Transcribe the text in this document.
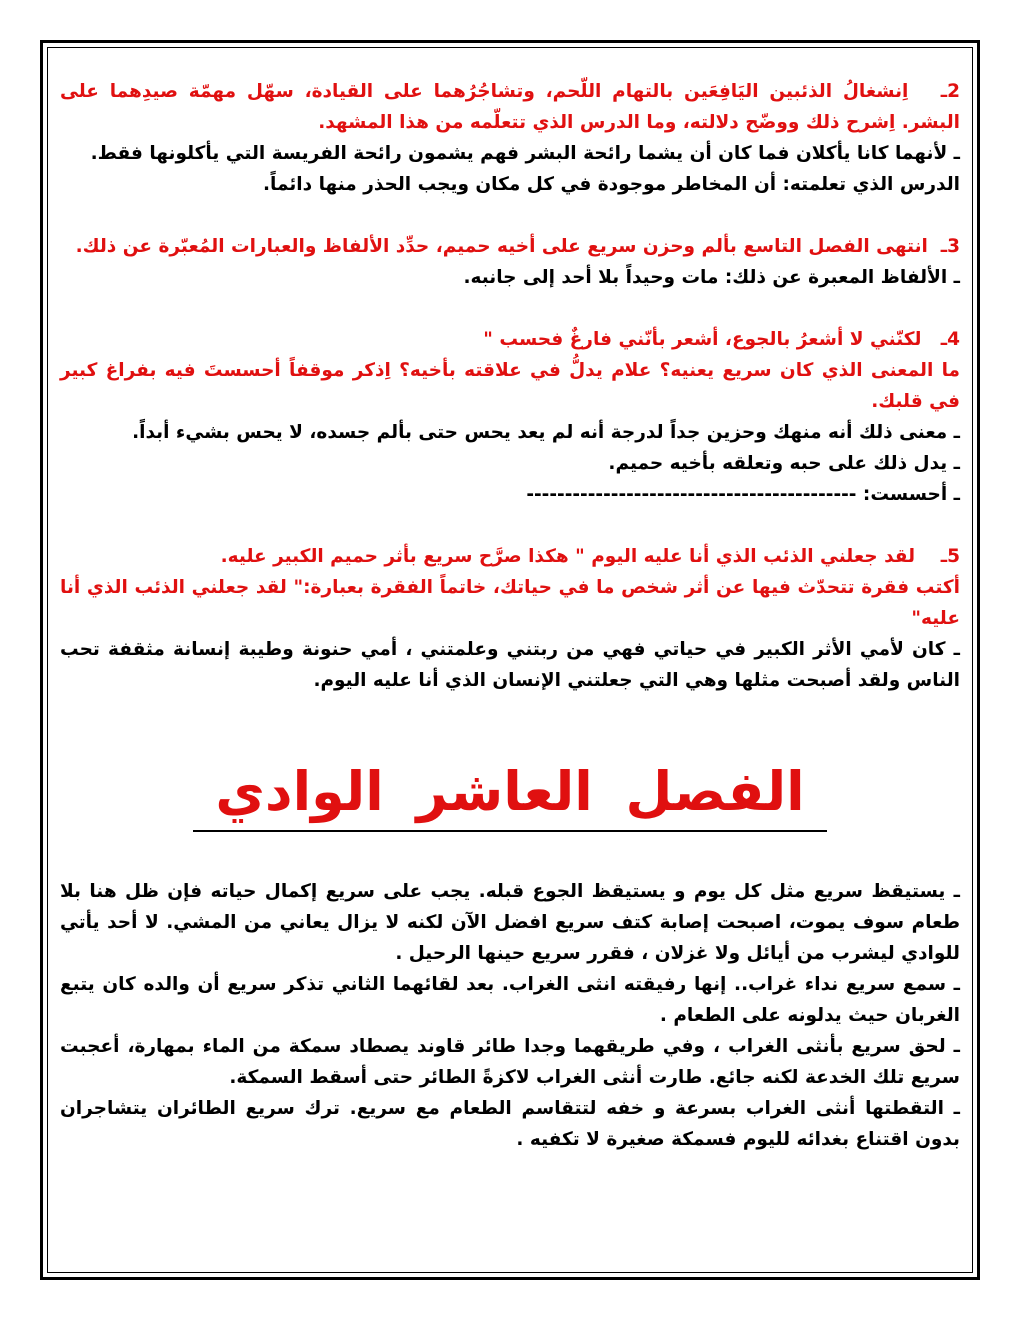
2ـ   اِنشغالُ الذئبين اليَافِعَين بالتهام اللّحم، وتشاجُرُهما على القيادة، سهّل مهمّة صيدِهما على البشر. اِشرح ذلك ووضّح دلالته، وما الدرس الذي تتعلّمه من هذا المشهد.

ـ لأنهما كانا يأكلان فما كان أن يشما رائحة البشر فهم يشمون رائحة الفريسة التي يأكلونها فقط.

الدرس الذي تعلمته: أن المخاطر موجودة في كل مكان ويجب الحذر منها دائماً.

3ـ  انتهى الفصل التاسع بألم وحزن سريع على أخيه حميم، حدِّد الألفاظ والعبارات المُعبّرة عن ذلك.

ـ الألفاظ المعبرة عن ذلك: مات وحيداً بلا أحد إلى جانبه.

4ـ   لكنّني لا أشعرُ بالجوع، أشعر بأنّني فارغٌ فحسب "

ما المعنى الذي كان سريع يعنيه؟ علام يدلُّ في علاقته بأخيه؟ اِذكر موقفاً أحسستَ فيه بفراغ كبير في قلبك.

ـ معنى ذلك أنه منهك وحزين جداً لدرجة أنه لم يعد يحس حتى بألم جسده، لا يحس بشيء أبداً.

ـ يدل ذلك على حبه وتعلقه بأخيه حميم.

ـ أحسست: -------------------------------------------

5ـ    لقد جعلني الذئب الذي أنا عليه اليوم " هكذا صرَّح سريع بأثر حميم الكبير عليه.

أكتب فقرة تتحدّث فيها عن أثر شخص ما في حياتك، خاتماً الفقرة بعبارة:" لقد جعلني الذئب الذي أنا عليه"

ـ كان لأمي الأثر الكبير في حياتي فهي من ربتني وعلمتني ، أمي حنونة وطيبة إنسانة مثقفة تحب الناس ولقد أصبحت مثلها وهي التي جعلتني الإنسان الذي أنا عليه اليوم.

الفصل العاشر الوادي

ـ يستيقظ سريع مثل كل يوم و يستيقظ الجوع قبله. يجب على سريع إكمال حياته فإن ظل هنا بلا طعام سوف يموت، اصبحت إصابة كتف سريع افضل الآن لكنه لا يزال يعاني من المشي. لا أحد يأتي للوادي ليشرب من أيائل ولا غزلان ، فقرر سريع حينها الرحيل .

ـ سمع سريع نداء غراب.. إنها رفيقته انثى الغراب. بعد لقائهما الثاني تذكر سريع أن والده كان يتبع الغربان حيث يدلونه على الطعام .

ـ لحق سريع بأنثى الغراب ، وفي طريقهما وجدا طائر قاوند يصطاد سمكة من الماء بمهارة، أعجبت سريع تلك الخدعة لكنه جائع. طارت أنثى الغراب لاكزةً الطائر حتى أسقط السمكة.

ـ التقطتها أنثى الغراب بسرعة و خفه لتتقاسم الطعام مع سريع. ترك سريع الطائران يتشاجران بدون اقتناع بغدائه لليوم فسمكة صغيرة لا تكفيه .
